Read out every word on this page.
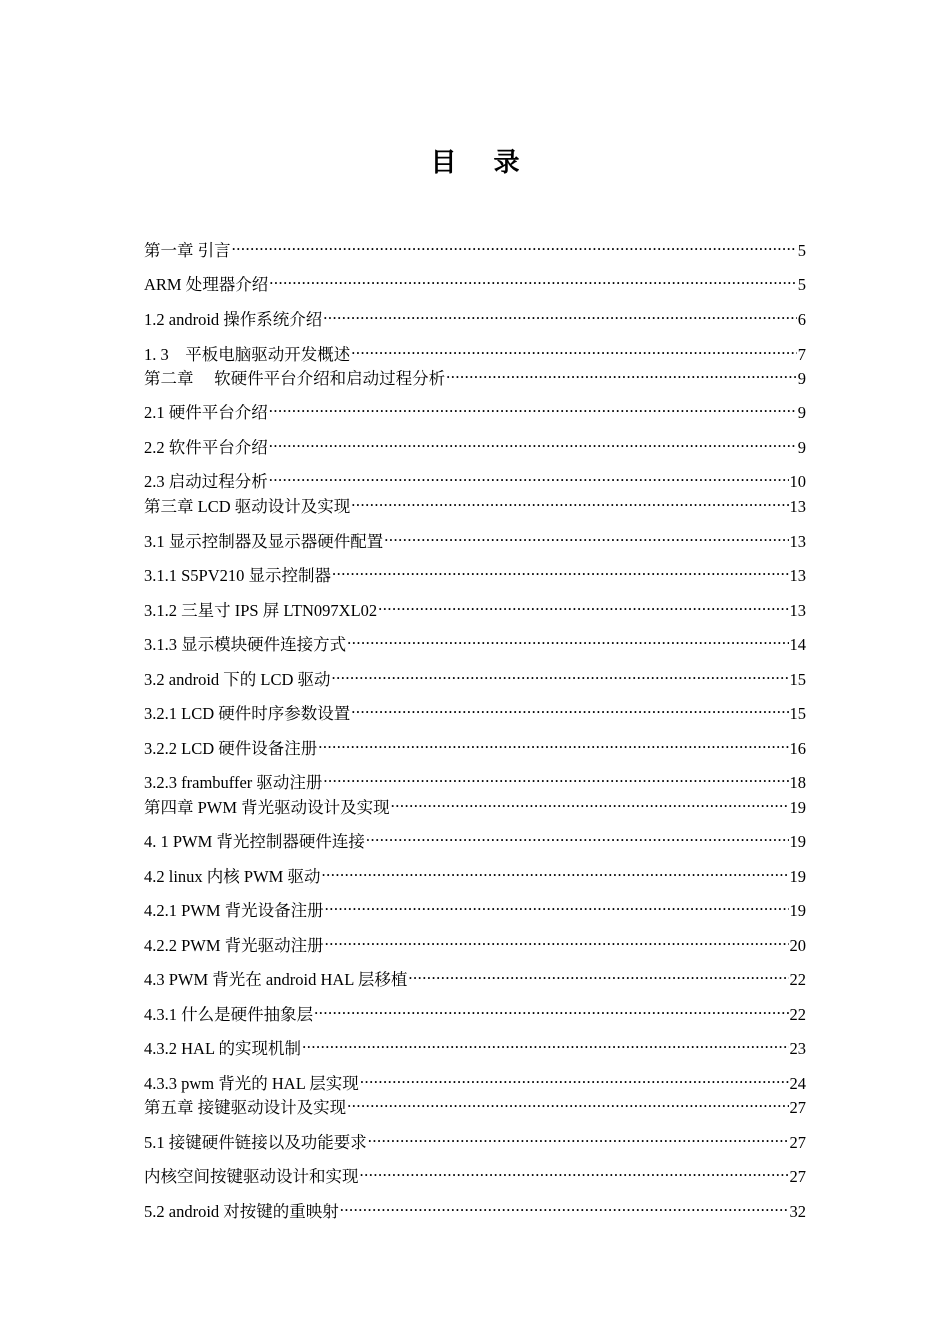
目 录
第一章 引言 .....	5
ARM 处理器介绍 .....	5
1.2 android 操作系统介绍 .....	6
1. 3　平板电脑驱动开发概述 .....	7
第二章　 软硬件平台介绍和启动过程分析 .....	9
2.1 硬件平台介绍 .....	9
2.2 软件平台介绍 .....	9
2.3 启动过程分析 .....	10
第三章 LCD 驱动设计及实现 .....	13
3.1 显示控制器及显示器硬件配置 .....	13
3.1.1 S5PV210 显示控制器 .....	13
3.1.2 三星寸 IPS 屏 LTN097XL02 .....	13
3.1.3 显示模块硬件连接方式 .....	14
3.2 android 下的 LCD 驱动 .....	15
3.2.1 LCD 硬件时序参数设置 .....	15
3.2.2 LCD 硬件设备注册 .....	16
3.2.3 frambuffer 驱动注册 .....	18
第四章 PWM 背光驱动设计及实现 .....	19
4. 1 PWM 背光控制器硬件连接 .....	19
4.2 linux 内核 PWM 驱动 .....	19
4.2.1 PWM 背光设备注册 .....	19
4.2.2 PWM 背光驱动注册 .....	20
4.3 PWM 背光在 android HAL 层移植 .....	22
4.3.1 什么是硬件抽象层 .....	22
4.3.2 HAL 的实现机制 .....	23
4.3.3 pwm 背光的 HAL 层实现 .....	24
第五章 接键驱动设计及实现 .....	27
5.1 接键硬件链接以及功能要求 .....	27
内核空间按键驱动设计和实现 .....	27
5.2 android 对按键的重映射 .....	32
